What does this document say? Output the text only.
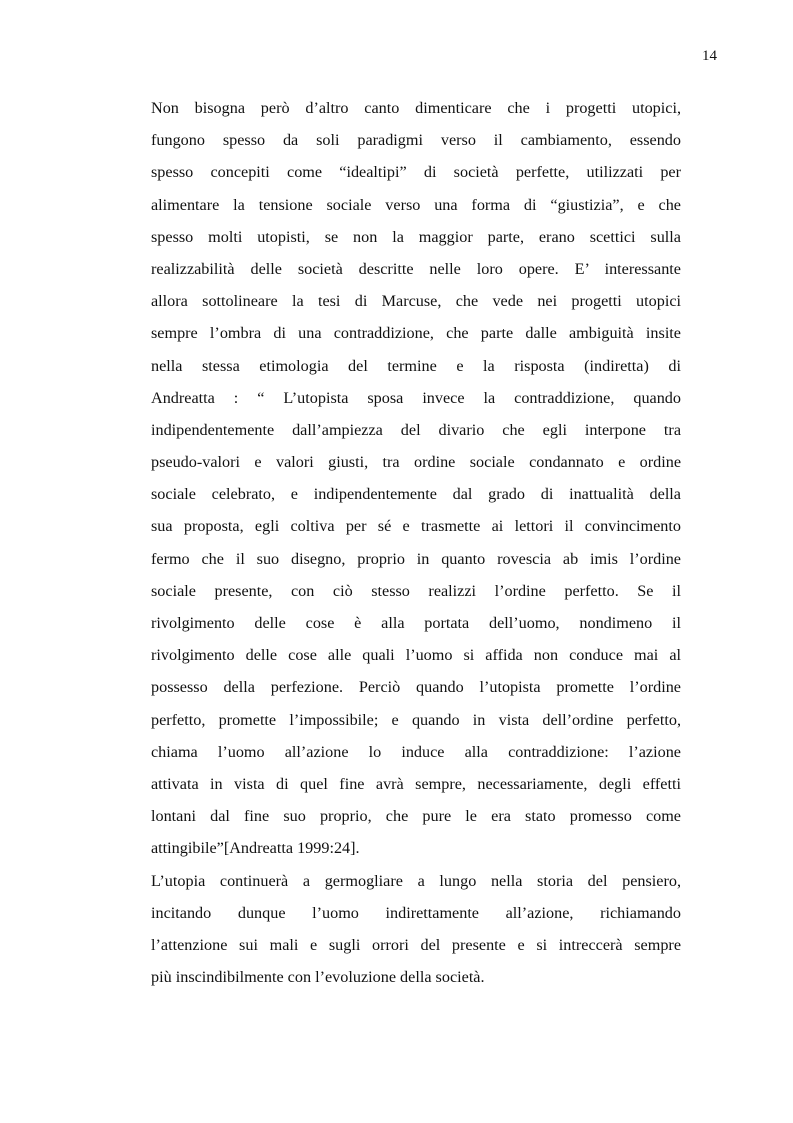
14
Non bisogna però d’altro canto dimenticare che i progetti utopici,
fungono spesso da soli paradigmi verso il cambiamento, essendo
spesso concepiti come “idealtipi” di società perfette, utilizzati per
alimentare la tensione sociale verso una forma di “giustizia”, e che
spesso molti utopisti, se non la maggior parte, erano scettici sulla
realizzabilità delle società descritte nelle loro opere. E’ interessante
allora sottolineare la tesi di Marcuse, che vede nei progetti utopici
sempre l’ombra di una contraddizione, che parte dalle ambiguità insite
nella stessa etimologia del termine e la risposta (indiretta) di
Andreatta : “ L’utopista sposa invece la contraddizione, quando
indipendentemente dall’ampiezza del divario che egli interpone tra
pseudo-valori e valori giusti, tra ordine sociale condannato e ordine
sociale celebrato, e indipendentemente dal grado di inattualità della
sua proposta, egli coltiva per sé e trasmette ai lettori il convincimento
fermo che il suo disegno, proprio in quanto rovescia ab imis l’ordine
sociale presente, con ciò stesso realizzi l’ordine perfetto. Se il
rivolgimento delle cose è alla portata dell’uomo, nondimeno il
rivolgimento delle cose alle quali l’uomo si affida non conduce mai al
possesso della perfezione. Perciò quando l’utopista promette l’ordine
perfetto, promette l’impossibile; e quando in vista dell’ordine perfetto,
chiama l’uomo all’azione lo induce alla contraddizione: l’azione
attivata in vista di quel fine avrà sempre, necessariamente, degli effetti
lontani dal fine suo proprio, che pure le era stato promesso come
attingibile”[Andreatta 1999:24].
L’utopia continuerà a germogliare a lungo nella storia del pensiero,
incitando dunque l’uomo indirettamente all’azione, richiamando
l’attenzione sui mali e sugli orrori del presente e si intreccerà sempre
più inscindibilmente con l’evoluzione della società.
